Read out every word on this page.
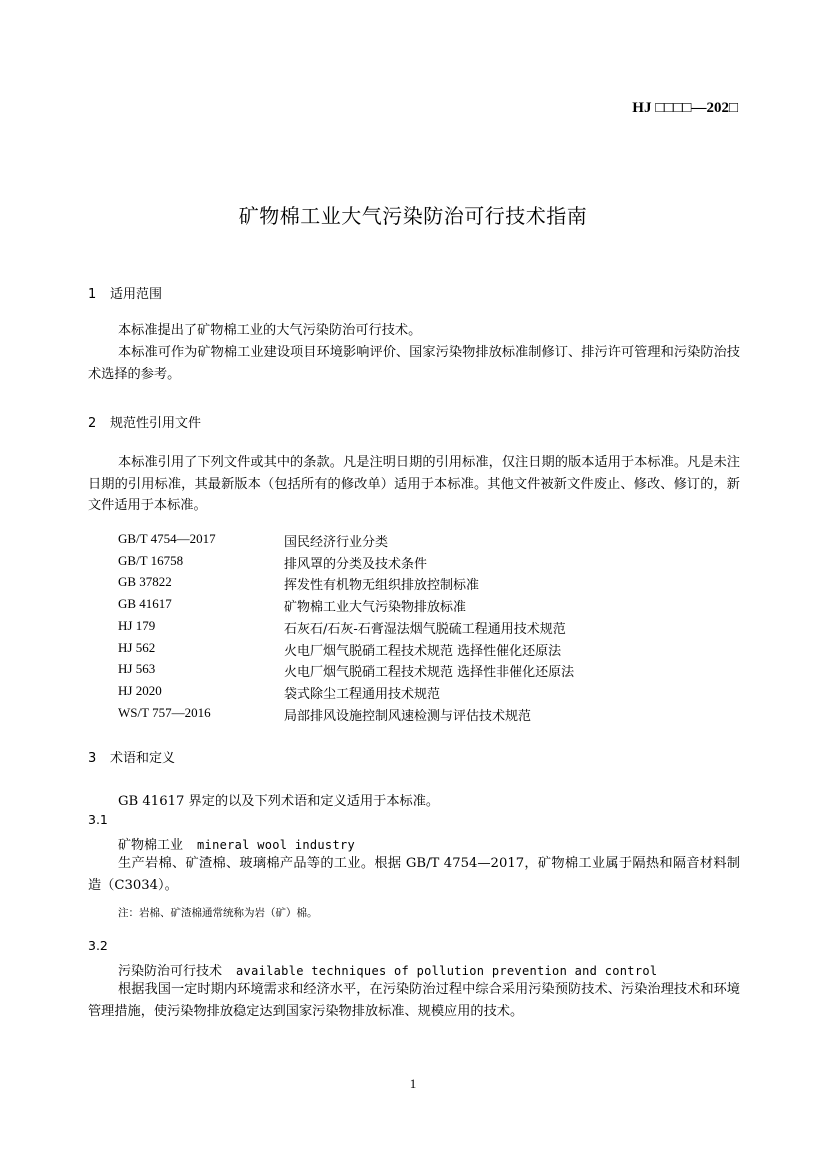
HJ □□□□—202□
矿物棉工业大气污染防治可行技术指南
1 适用范围

本标准提出了矿物棉工业的大气污染防治可行技术。

本标准可作为矿物棉工业建设项目环境影响评价、国家污染物排放标准制修订、排污许可管理和污染防治技术选择的参考。

2 规范性引用文件

本标准引用了下列文件或其中的条款。凡是注明日期的引用标准，仅注日期的版本适用于本标准。凡是未注日期的引用标准，其最新版本（包括所有的修改单）适用于本标准。其他文件被新文件废止、修改、修订的，新文件适用于本标准。

GB/T 4754—2017	国民经济行业分类
GB/T 16758	排风罩的分类及技术条件
GB 37822	挥发性有机物无组织排放控制标准
GB 41617	矿物棉工业大气污染物排放标准
HJ 179	石灰石/石灰-石膏湿法烟气脱硫工程通用技术规范
HJ 562	火电厂烟气脱硝工程技术规范 选择性催化还原法
HJ 563	火电厂烟气脱硝工程技术规范 选择性非催化还原法
HJ 2020	袋式除尘工程通用技术规范
WS/T 757—2016	局部排风设施控制风速检测与评估技术规范
3 术语和定义
GB 41617 界定的以及下列术语和定义适用于本标准。
3.1
矿物棉工业 mineral wool industry

生产岩棉、矿渣棉、玻璃棉产品等的工业。根据 GB/T 4754—2017，矿物棉工业属于隔热和隔音材料制造（C3034）。

注：岩棉、矿渣棉通常统称为岩（矿）棉。
3.2
污染防治可行技术 available techniques of pollution prevention and control

根据我国一定时期内环境需求和经济水平，在污染防治过程中综合采用污染预防技术、污染治理技术和环境管理措施，使污染物排放稳定达到国家污染物排放标准、规模应用的技术。

1
